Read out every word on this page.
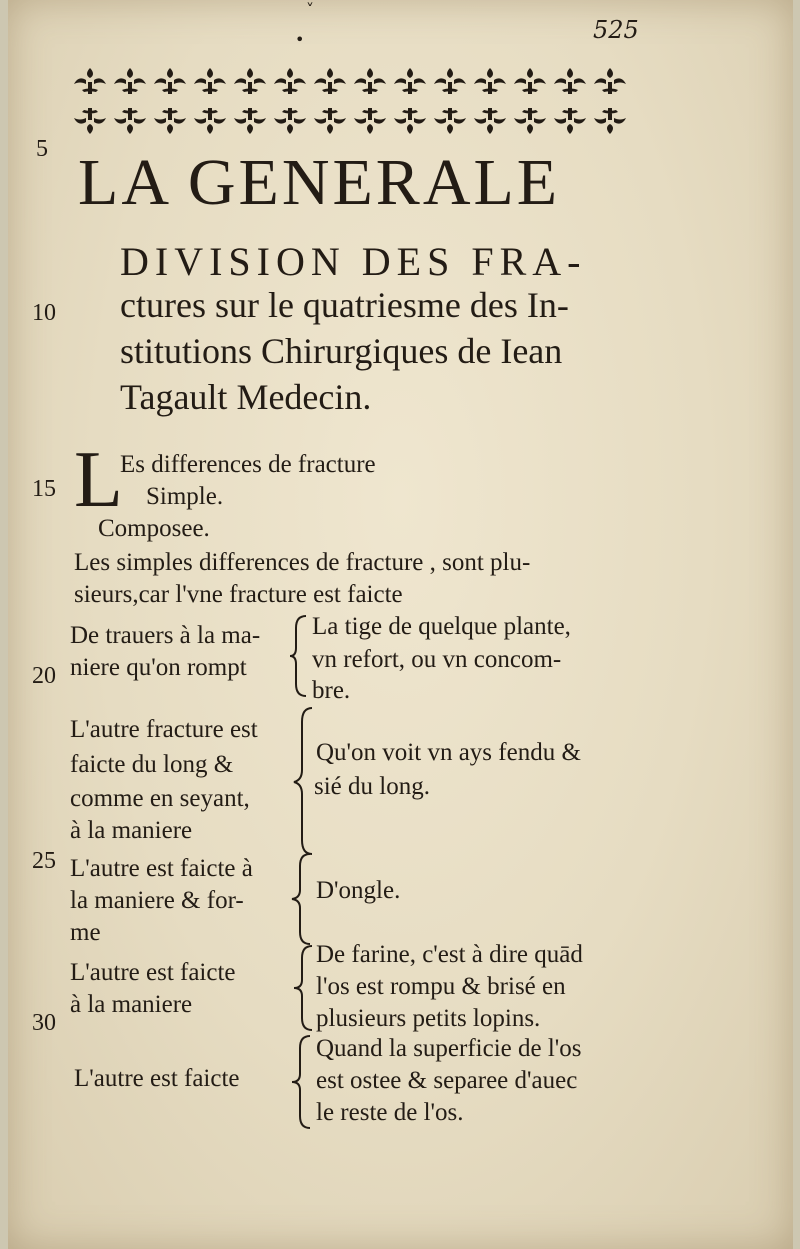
˅
•	525
5
10
15
20
25
30
LA GENERALE
DIVISION DES FRA-
ctures sur le quatriesme des In-
stitutions Chirurgiques de Iean
Tagault Medecin.
L
Es differences de fracture
Simple.
Composee.
Les simples differences de fracture , sont plu-
sieurs,car l'vne fracture est faicte
De trauers à la ma-
niere qu'on rompt
La tige de quelque plante,
vn refort, ou vn concom-
bre.
L'autre fracture est
faicte du long &
comme en seyant,
à la maniere
Qu'on voit vn ays fendu &
sié du long.
L'autre est faicte à
la maniere & for-
me
D'ongle.
L'autre est faicte
à la maniere
De farine, c'est à dire quād
l'os est rompu & brisé en
plusieurs petits lopins.
L'autre est faicte
Quand la superficie de l'os
est ostee & separee d'auec
le reste de l'os.
